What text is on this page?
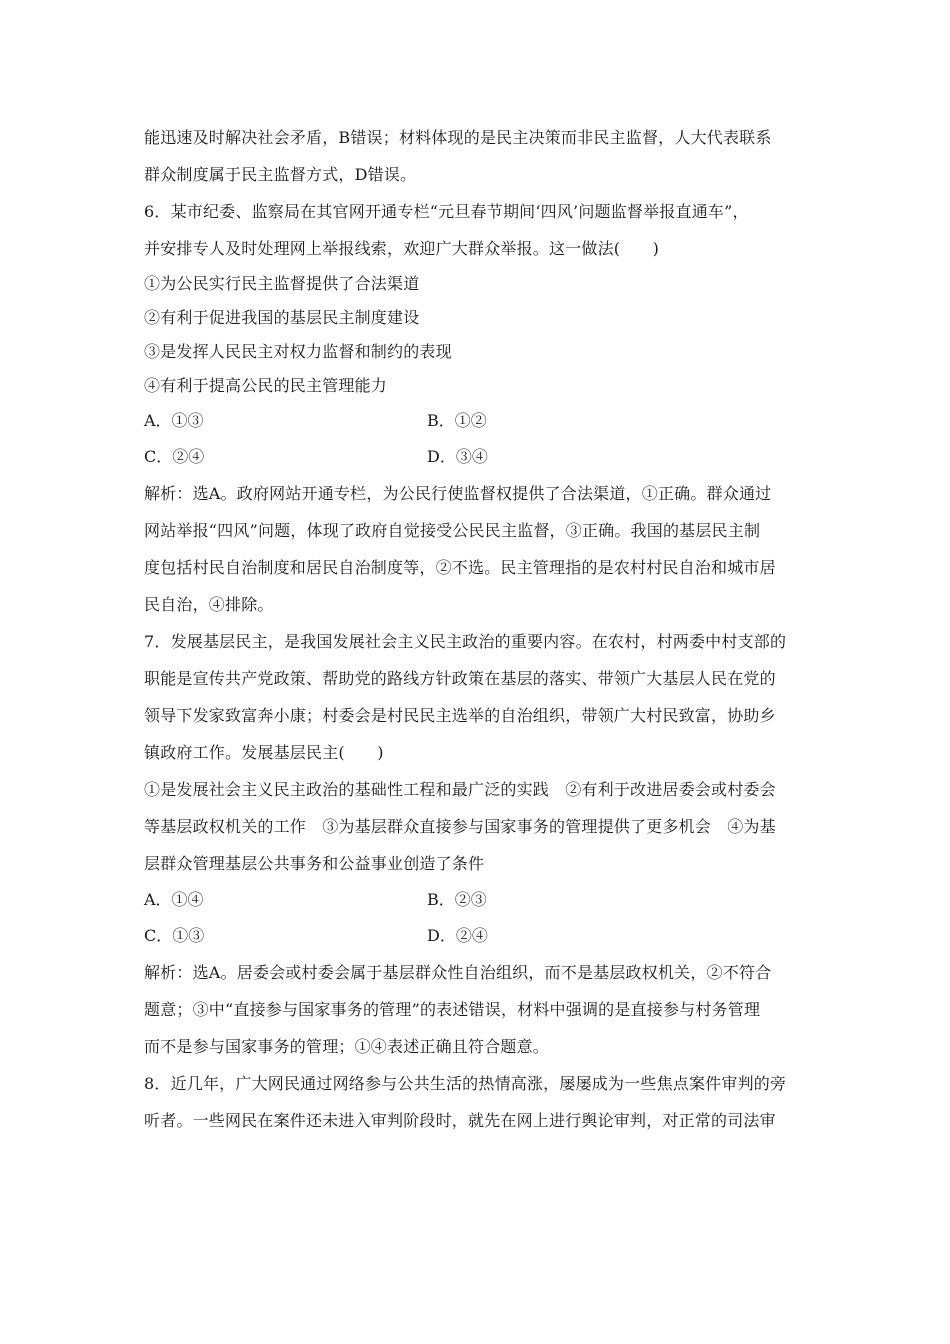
能迅速及时解决社会矛盾，B错误；材料体现的是民主决策而非民主监督，人大代表联系
群众制度属于民主监督方式，D错误。
6．某市纪委、监察局在其官网开通专栏“元旦春节期间‘四风’问题监督举报直通车”，
并安排专人及时处理网上举报线索，欢迎广大群众举报。这一做法(　　)
①为公民实行民主监督提供了合法渠道
②有利于促进我国的基层民主制度建设
③是发挥人民民主对权力监督和制约的表现
④有利于提高公民的民主管理能力
A．①③	B．①②
C．②④	D．③④
解析：选A。政府网站开通专栏，为公民行使监督权提供了合法渠道，①正确。群众通过
网站举报“四风”问题，体现了政府自觉接受公民民主监督，③正确。我国的基层民主制
度包括村民自治制度和居民自治制度等，②不选。民主管理指的是农村村民自治和城市居
民自治，④排除。
7．发展基层民主，是我国发展社会主义民主政治的重要内容。在农村，村两委中村支部的
职能是宣传共产党政策、帮助党的路线方针政策在基层的落实、带领广大基层人民在党的
领导下发家致富奔小康；村委会是村民民主选举的自治组织，带领广大村民致富，协助乡
镇政府工作。发展基层民主(　　)
①是发展社会主义民主政治的基础性工程和最广泛的实践　②有利于改进居委会或村委会
等基层政权机关的工作　③为基层群众直接参与国家事务的管理提供了更多机会　④为基
层群众管理基层公共事务和公益事业创造了条件
A．①④	B．②③
C．①③	D．②④
解析：选A。居委会或村委会属于基层群众性自治组织，而不是基层政权机关，②不符合
题意；③中“直接参与国家事务的管理”的表述错误，材料中强调的是直接参与村务管理
而不是参与国家事务的管理；①④表述正确且符合题意。
8．近几年，广大网民通过网络参与公共生活的热情高涨，屡屡成为一些焦点案件审判的旁
听者。一些网民在案件还未进入审判阶段时，就先在网上进行舆论审判，对正常的司法审
